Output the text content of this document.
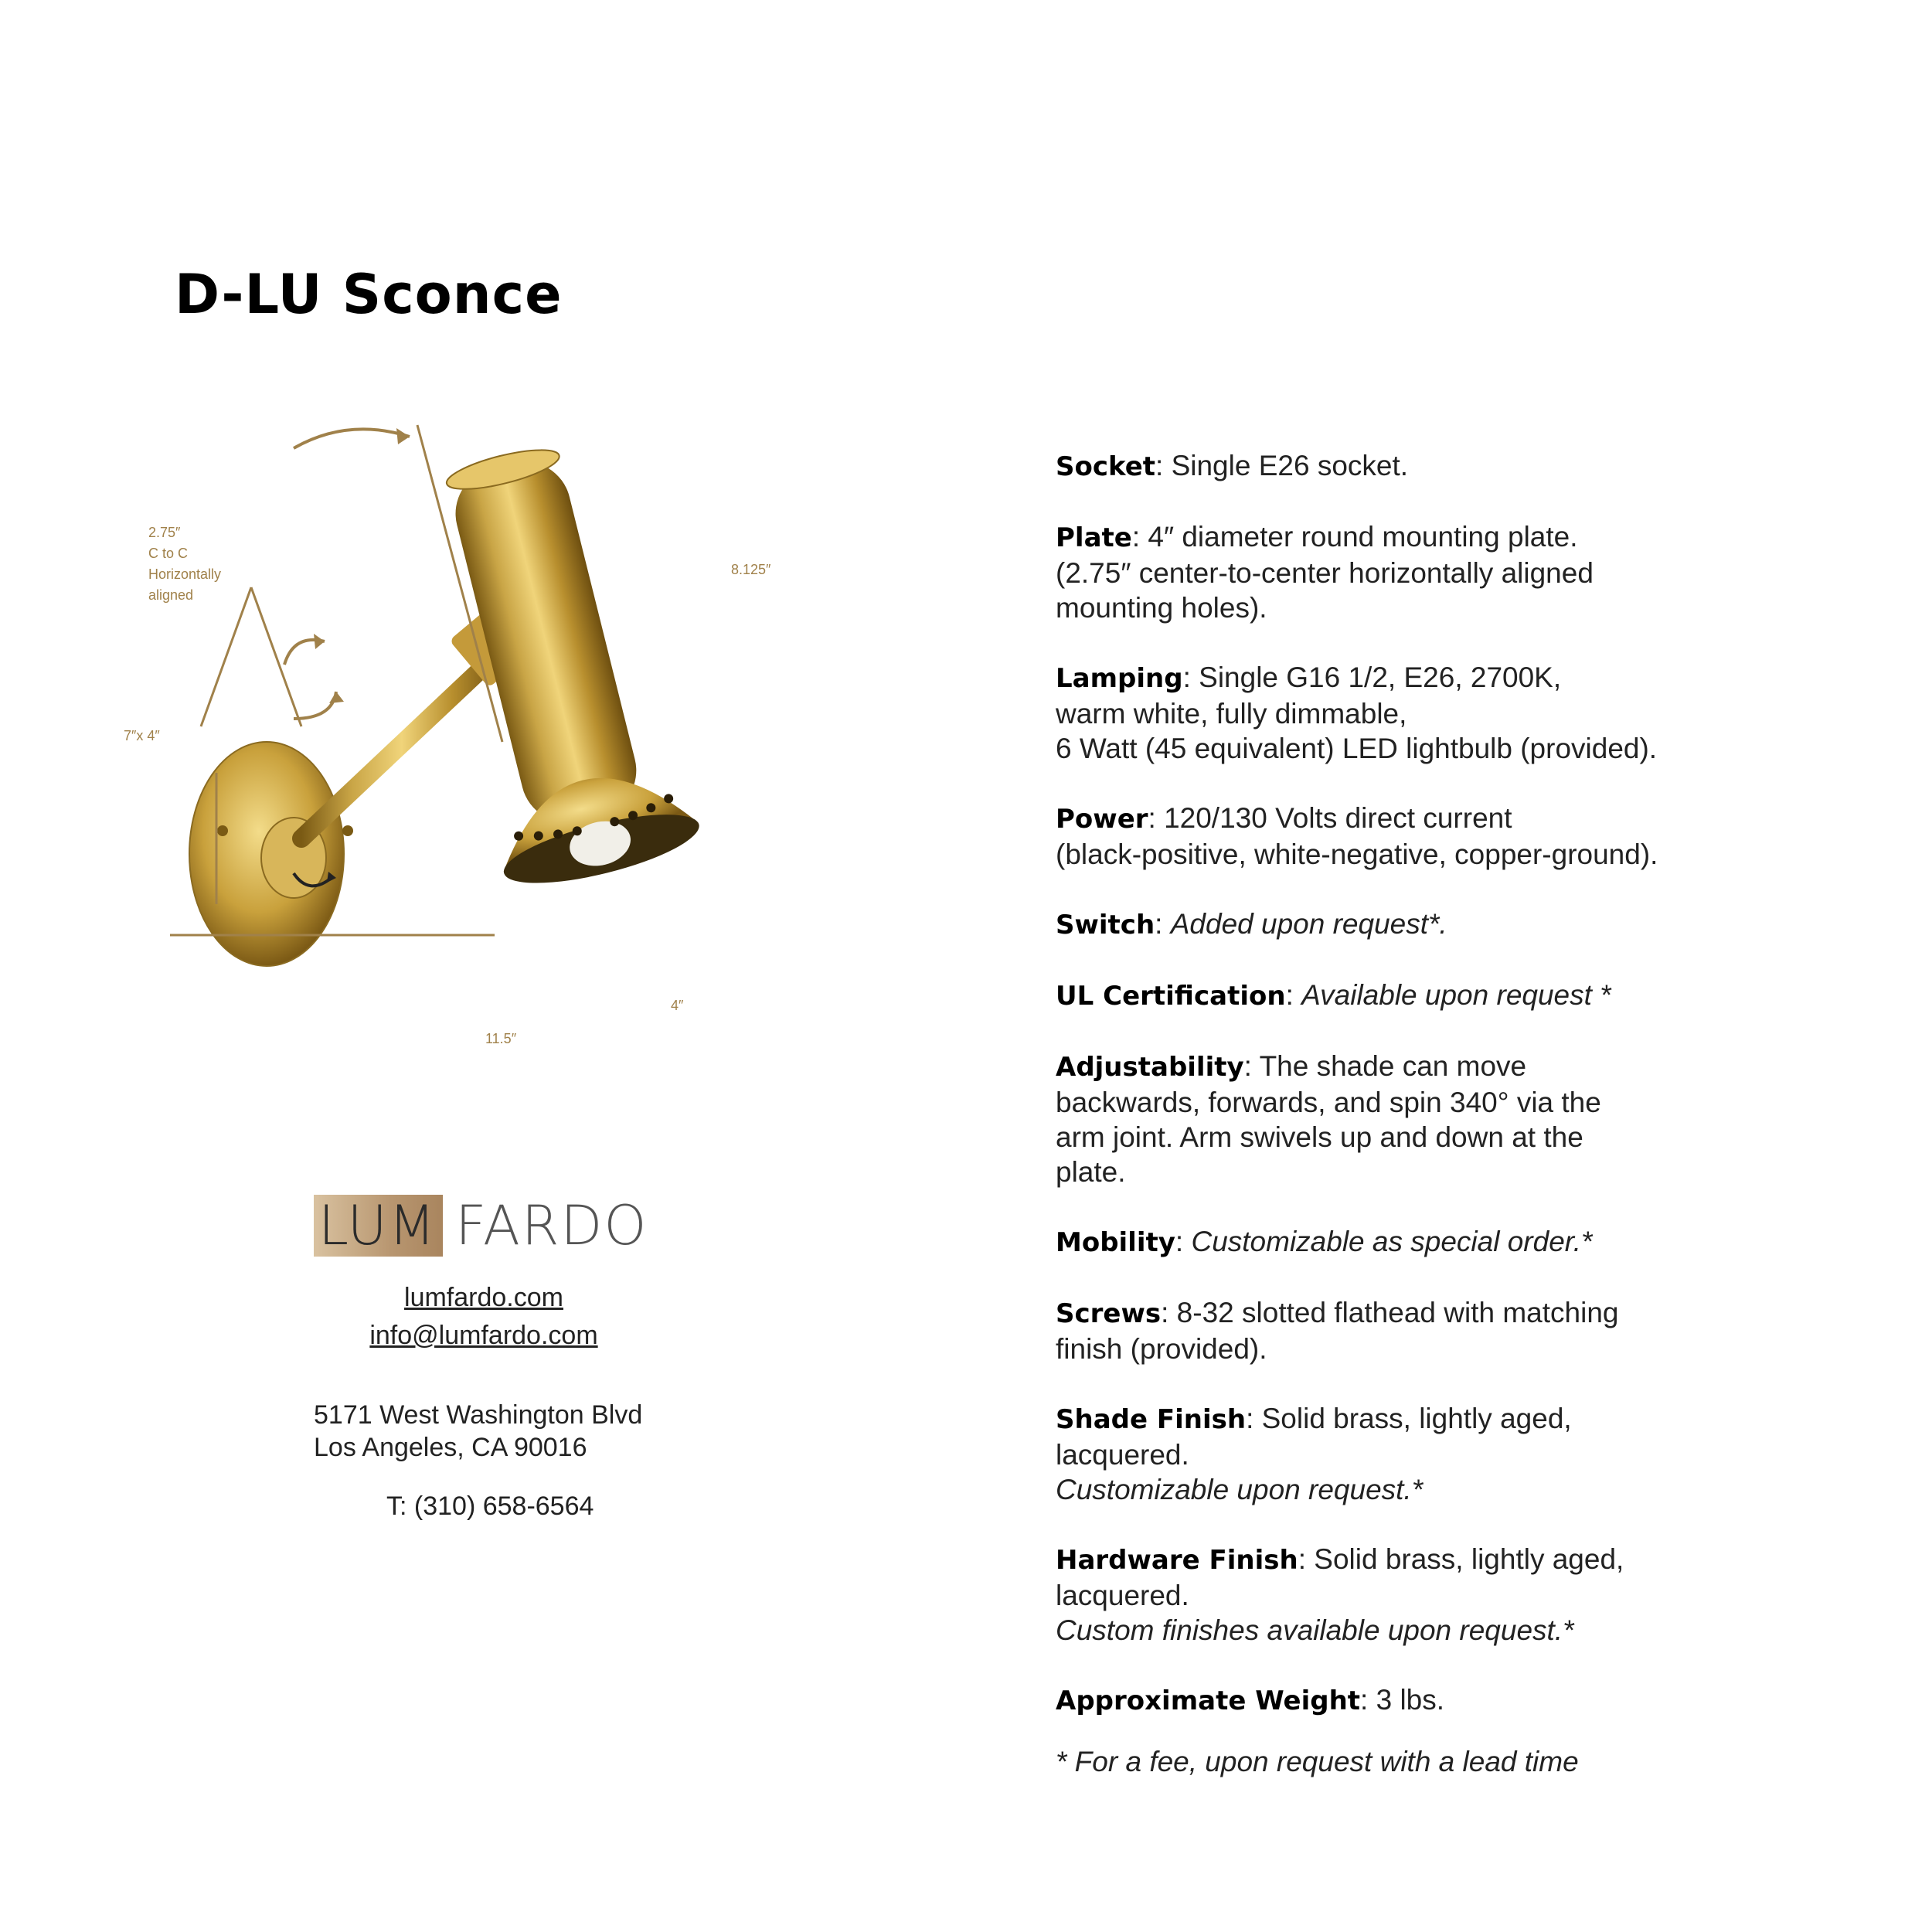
D-LU Sconce
2.75″
C to C
Horizontally
aligned
8.125″
7″x 4″
4″
11.5″
LUM FARDO
lumfardo.com
info@lumfardo.com
5171 West Washington Blvd
Los Angeles, CA 90016
T: (310) 658-6564

Socket: Single E26 socket.

Plate: 4″ diameter round mounting plate.
(2.75″ center-to-center horizontally aligned
mounting holes).

Lamping: Single G16 1/2, E26, 2700K,
warm white, fully dimmable,
6 Watt (45 equivalent) LED lightbulb (provided).

Power: 120/130 Volts direct current
(black-positive, white-negative, copper-ground).

Switch: Added upon request*.

UL Certification: Available upon request *

Adjustability: The shade can move
backwards, forwards, and spin 340° via the
arm joint. Arm swivels up and down at the
plate.

Mobility: Customizable as special order.*

Screws: 8-32 slotted flathead with matching
finish (provided).

Shade Finish: Solid brass, lightly aged,
lacquered.
Customizable upon request.*

Hardware Finish: Solid brass, lightly aged,
lacquered.
Custom finishes available upon request.*

Approximate Weight: 3 lbs.

* For a fee, upon request with a lead time
